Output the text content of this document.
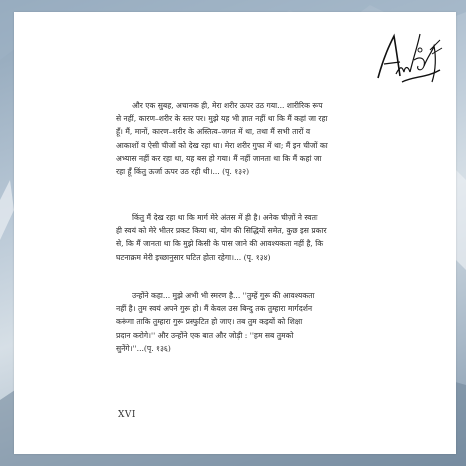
और एक सुबह, अचानक ही, मेरा शरीर ऊपर उठ गया... शारीरिक रूप
से नहीं, कारण–शरीर के स्तर पर। मुझे यह भी ज्ञात नहीं था कि मैं कहां जा रहा
हूँ। मैं, मानों, कारण–शरीर के अस्तित्व–जगत में था, तथा मैं सभी तारों व
आकाशों व ऐसी चीजों को देख रहा था। मेरा शरीर गुफा में था; मैं इन चीजों का
अभ्यास नहीं कर रहा था, यह बस हो गया। मैं नहीं जानता था कि मैं कहां जा
रहा हूँ किंतु ऊर्जा ऊपर उठ रही थी।... (पृ. १३२)
किंतु मैं देख रहा था कि मार्ग मेरे अंतस में ही है। अनेक चीज़ों ने स्वतः
ही स्वयं को मेरे भीतर प्रकट किया था, योग की सिद्धियों समेत, कुछ इस प्रकार
से, कि मैं जानता था कि मुझे किसी के पास जाने की आवश्यकता नहीं है, कि
घटनाक्रम मेरी इच्छानुसार घटित होता रहेगा।... (पृ. १३४)
उन्होंने कहा... मुझे अभी भी स्मरण है... ''तुम्हें गुरू की आवश्यकता
नहीं है। तुम स्वयं अपने गुरू हो। मैं केवल उस बिन्दु तक तुम्हारा मार्गदर्शन
करूंगा ताकि तुम्हारा गुरू प्रस्फुटित हो जाए। तब तुम कइयों को शिक्षा
प्रदान करोगे।'' और उन्होंने एक बात और जोड़ी : ''हम सब तुमको
सुनेंगे।''...(पृ. १३६)
XVI
